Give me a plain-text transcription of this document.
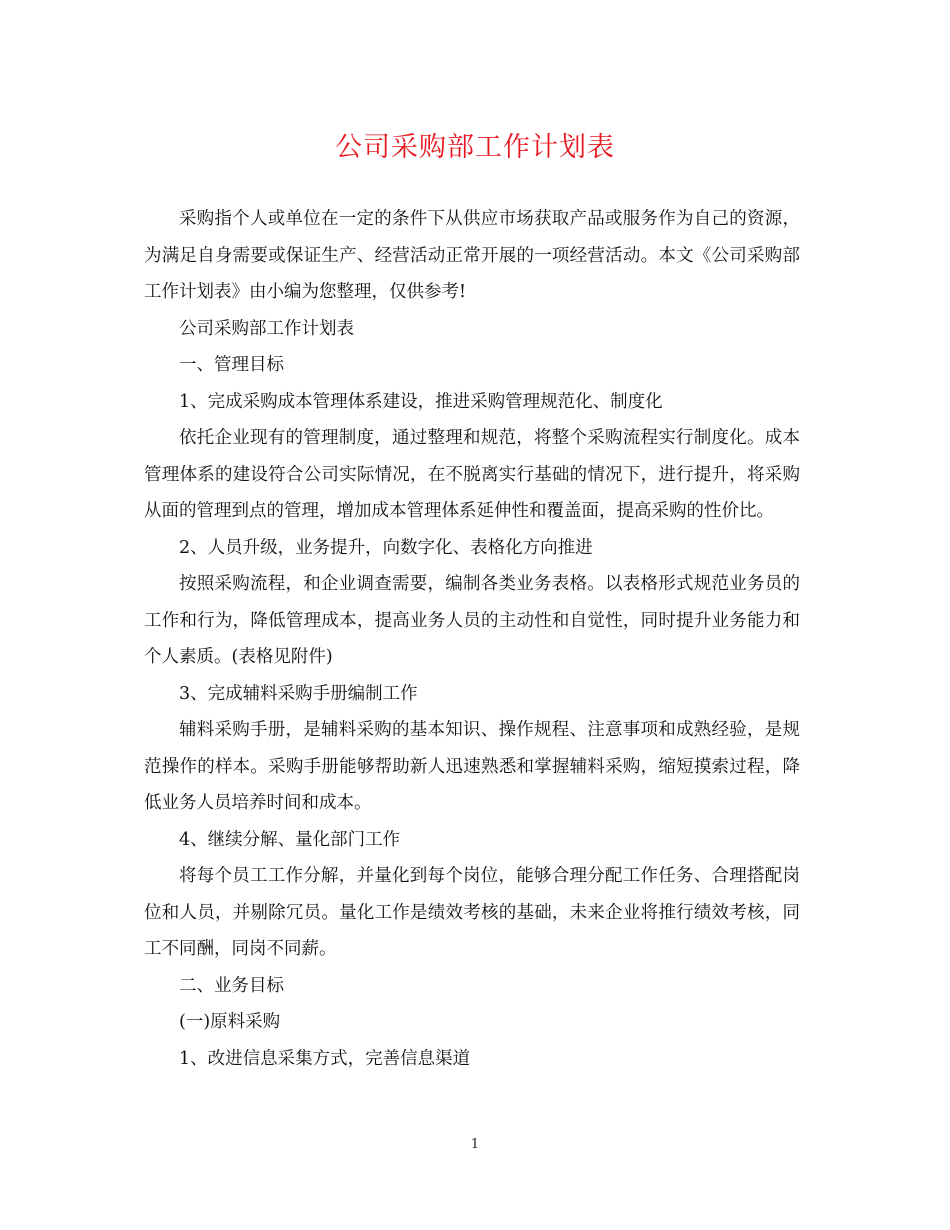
公司采购部工作计划表

采购指个人或单位在一定的条件下从供应市场获取产品或服务作为自己的资源， 为满足自身需要或保证生产、经营活动正常开展的一项经营活动。本文《公司采购部工作计划表》由小编为您整理，仅供参考!

公司采购部工作计划表

一、管理目标

1、完成采购成本管理体系建设，推进采购管理规范化、制度化

依托企业现有的管理制度，通过整理和规范，将整个采购流程实行制度化。成本管理体系的建设符合公司实际情况，在不脱离实行基础的情况下，进行提升，将采购从面的管理到点的管理，增加成本管理体系延伸性和覆盖面，提高采购的性价比。

2、人员升级，业务提升，向数字化、表格化方向推进

按照采购流程，和企业调查需要，编制各类业务表格。以表格形式规范业务员的工作和行为，降低管理成本，提高业务人员的主动性和自觉性，同时提升业务能力和个人素质。(表格见附件)

3、完成辅料采购手册编制工作

辅料采购手册，是辅料采购的基本知识、操作规程、注意事项和成熟经验，是规范操作的样本。采购手册能够帮助新人迅速熟悉和掌握辅料采购，缩短摸索过程，降低业务人员培养时间和成本。

4、继续分解、量化部门工作

将每个员工工作分解，并量化到每个岗位，能够合理分配工作任务、合理搭配岗位和人员，并剔除冗员。量化工作是绩效考核的基础，未来企业将推行绩效考核，同工不同酬，同岗不同薪。

二、业务目标

(一)原料采购

1、改进信息采集方式，完善信息渠道

1
